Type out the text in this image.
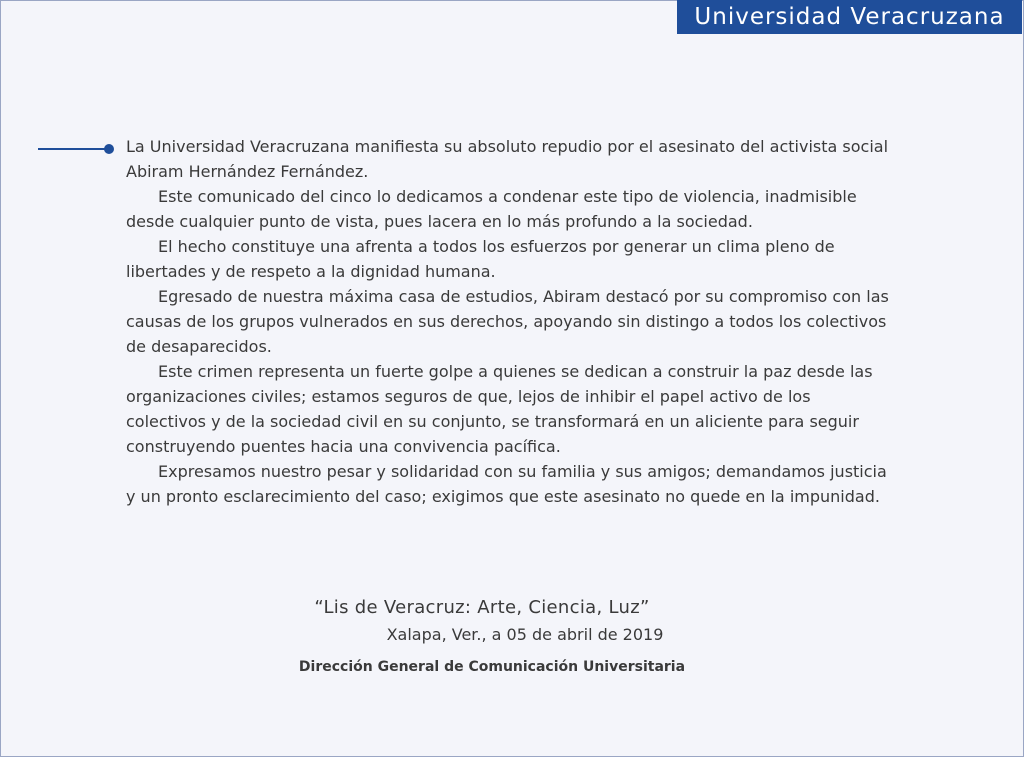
Universidad Veracruzana

La Universidad Veracruzana manifiesta su absoluto repudio por el asesinato del activista social Abiram Hernández Fernández.

Este comunicado del cinco lo dedicamos a condenar este tipo de violencia, inadmisible desde cualquier punto de vista, pues lacera en lo más profundo a la sociedad.

El hecho constituye una afrenta a todos los esfuerzos por generar un clima pleno de libertades y de respeto a la dignidad humana.

Egresado de nuestra máxima casa de estudios, Abiram destacó por su compromiso con las causas de los grupos vulnerados en sus derechos, apoyando sin distingo a todos los colectivos de desaparecidos.

Este crimen representa un fuerte golpe a quienes se dedican a construir la paz desde las organizaciones civiles; estamos seguros de que, lejos de inhibir el papel activo de los colectivos y de la sociedad civil en su conjunto, se transformará en un aliciente para seguir construyendo puentes hacia una convivencia pacífica.

Expresamos nuestro pesar y solidaridad con su familia y sus amigos; demandamos justicia y un pronto esclarecimiento del caso; exigimos que este asesinato no quede en la impunidad.

“Lis de Veracruz: Arte, Ciencia, Luz”
Xalapa, Ver., a 05 de abril de 2019
Dirección General de Comunicación Universitaria
